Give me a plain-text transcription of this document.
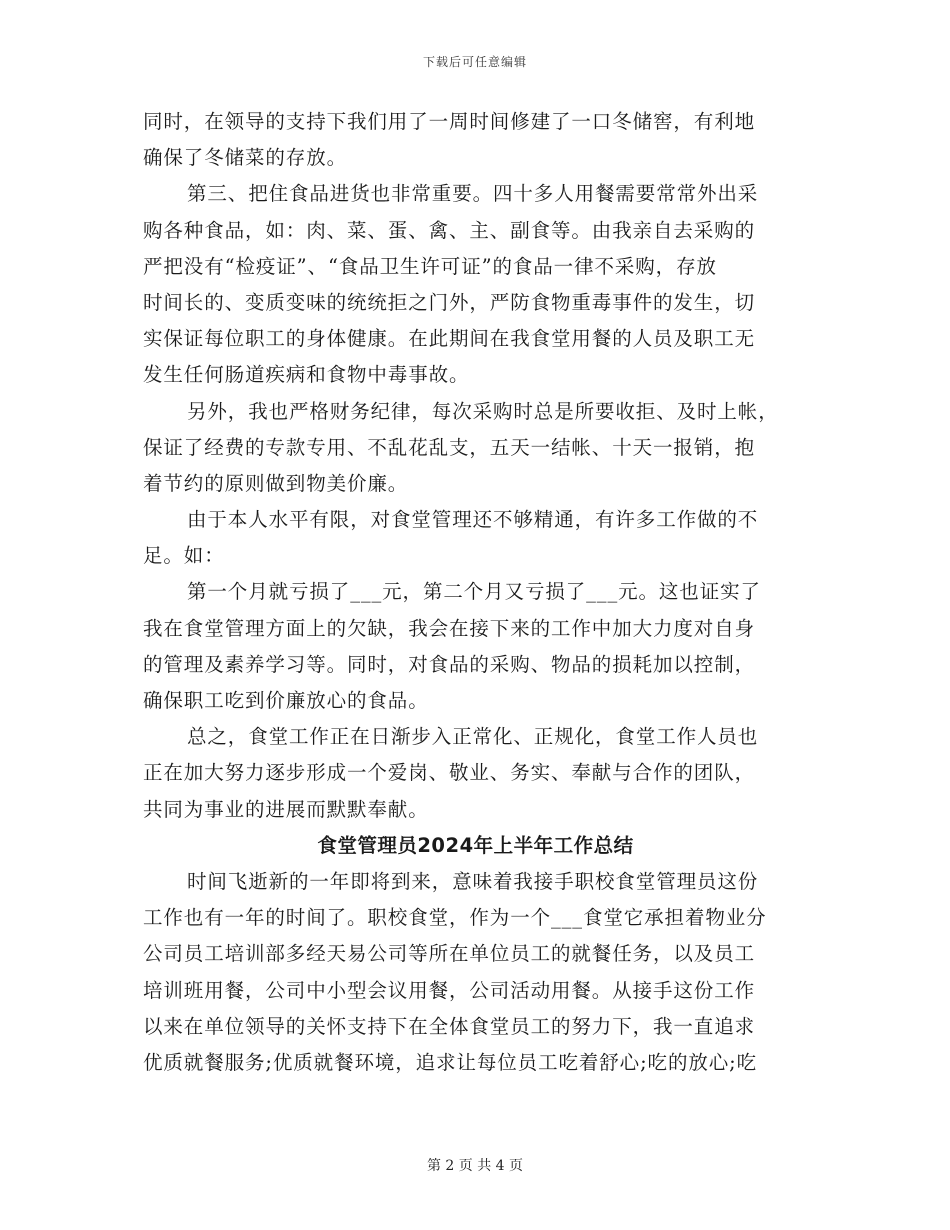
下载后可任意编辑
同时，在领导的支持下我们用了一周时间修建了一口冬储窖，有利地
确保了冬储菜的存放。
第三、把住食品进货也非常重要。四十多人用餐需要常常外出采
购各种食品，如：肉、菜、蛋、禽、主、副食等。由我亲自去采购的
严把没有“检疫证”、“食品卫生许可证”的食品一律不采购，存放
时间长的、变质变味的统统拒之门外，严防食物重毒事件的发生，切
实保证每位职工的身体健康。在此期间在我食堂用餐的人员及职工无
发生任何肠道疾病和食物中毒事故。
另外，我也严格财务纪律，每次采购时总是所要收拒、及时上帐，
保证了经费的专款专用、不乱花乱支，五天一结帐、十天一报销，抱
着节约的原则做到物美价廉。
由于本人水平有限，对食堂管理还不够精通，有许多工作做的不
足。如：
第一个月就亏损了___元，第二个月又亏损了___元。这也证实了
我在食堂管理方面上的欠缺，我会在接下来的工作中加大力度对自身
的管理及素养学习等。同时，对食品的采购、物品的损耗加以控制，
确保职工吃到价廉放心的食品。
总之，食堂工作正在日渐步入正常化、正规化，食堂工作人员也
正在加大努力逐步形成一个爱岗、敬业、务实、奉献与合作的团队，
共同为事业的进展而默默奉献。
食堂管理员2024年上半年工作总结
时间飞逝新的一年即将到来，意味着我接手职校食堂管理员这份
工作也有一年的时间了。职校食堂，作为一个___食堂它承担着物业分
公司员工培训部多经天易公司等所在单位员工的就餐任务，以及员工
培训班用餐，公司中小型会议用餐，公司活动用餐。从接手这份工作
以来在单位领导的关怀支持下在全体食堂员工的努力下，我一直追求
优质就餐服务;优质就餐环境，追求让每位员工吃着舒心;吃的放心;吃
第 2 页 共 4 页
